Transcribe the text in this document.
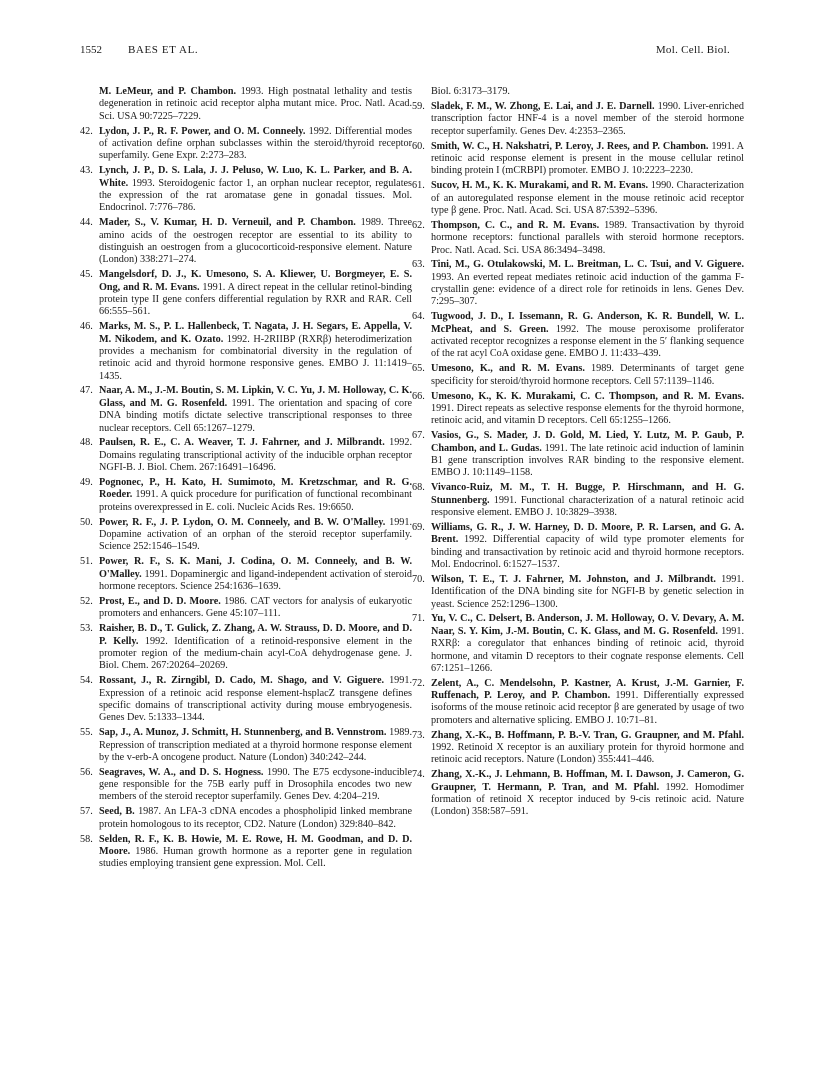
1552 BAES ET AL.	Mol. Cell. Biol.
M. LeMeur, and P. Chambon. 1993. High postnatal lethality and testis degeneration in retinoic acid receptor alpha mutant mice. Proc. Natl. Acad. Sci. USA 90:7225–7229.
42. Lydon, J. P., R. F. Power, and O. M. Conneely. 1992. Differential modes of activation define orphan subclasses within the steroid/thyroid receptor superfamily. Gene Expr. 2:273–283.
43. Lynch, J. P., D. S. Lala, J. J. Peluso, W. Luo, K. L. Parker, and B. A. White. 1993. Steroidogenic factor 1, an orphan nuclear receptor, regulates the expression of the rat aromatase gene in gonadal tissues. Mol. Endocrinol. 7:776–786.
44. Mader, S., V. Kumar, H. D. Verneuil, and P. Chambon. 1989. Three amino acids of the oestrogen receptor are essential to its ability to distinguish an oestrogen from a glucocorticoid-responsive element. Nature (London) 338:271–274.
45. Mangelsdorf, D. J., K. Umesono, S. A. Kliewer, U. Borgmeyer, E. S. Ong, and R. M. Evans. 1991. A direct repeat in the cellular retinol-binding protein type II gene confers differential regulation by RXR and RAR. Cell 66:555–561.
46. Marks, M. S., P. L. Hallenbeck, T. Nagata, J. H. Segars, E. Appella, V. M. Nikodem, and K. Ozato. 1992. H-2RIIBP (RXRβ) heterodimerization provides a mechanism for combinatorial diversity in the regulation of retinoic acid and thyroid hormone responsive genes. EMBO J. 11:1419–1435.
47. Naar, A. M., J.-M. Boutin, S. M. Lipkin, V. C. Yu, J. M. Holloway, C. K. Glass, and M. G. Rosenfeld. 1991. The orientation and spacing of core DNA binding motifs dictate selective transcriptional responses to three nuclear receptors. Cell 65:1267–1279.
48. Paulsen, R. E., C. A. Weaver, T. J. Fahrner, and J. Milbrandt. 1992. Domains regulating transcriptional activity of the inducible orphan receptor NGFI-B. J. Biol. Chem. 267:16491–16496.
49. Pognonec, P., H. Kato, H. Sumimoto, M. Kretzschmar, and R. G. Roeder. 1991. A quick procedure for purification of functional recombinant proteins overexpressed in E. coli. Nucleic Acids Res. 19:6650.
50. Power, R. F., J. P. Lydon, O. M. Conneely, and B. W. O'Malley. 1991. Dopamine activation of an orphan of the steroid receptor superfamily. Science 252:1546–1549.
51. Power, R. F., S. K. Mani, J. Codina, O. M. Conneely, and B. W. O'Malley. 1991. Dopaminergic and ligand-independent activation of steroid hormone receptors. Science 254:1636–1639.
52. Prost, E., and D. D. Moore. 1986. CAT vectors for analysis of eukaryotic promoters and enhancers. Gene 45:107–111.
53. Raisher, B. D., T. Gulick, Z. Zhang, A. W. Strauss, D. D. Moore, and D. P. Kelly. 1992. Identification of a retinoid-responsive element in the promoter region of the medium-chain acyl-CoA dehydrogenase gene. J. Biol. Chem. 267:20264–20269.
54. Rossant, J., R. Zirngibl, D. Cado, M. Shago, and V. Giguere. 1991. Expression of a retinoic acid response element-hsplacZ transgene defines specific domains of transcriptional activity during mouse embryogenesis. Genes Dev. 5:1333–1344.
55. Sap, J., A. Munoz, J. Schmitt, H. Stunnenberg, and B. Vennstrom. 1989. Repression of transcription mediated at a thyroid hormone response element by the v-erb-A oncogene product. Nature (London) 340:242–244.
56. Seagraves, W. A., and D. S. Hogness. 1990. The E75 ecdysone-inducible gene responsible for the 75B early puff in Drosophila encodes two new members of the steroid receptor superfamily. Genes Dev. 4:204–219.
57. Seed, B. 1987. An LFA-3 cDNA encodes a phospholipid linked membrane protein homologous to its receptor, CD2. Nature (London) 329:840–842.
58. Selden, R. F., K. B. Howie, M. E. Rowe, H. M. Goodman, and D. D. Moore. 1986. Human growth hormone as a reporter gene in regulation studies employing transient gene expression. Mol. Cell.
Biol. 6:3173–3179.
59. Sladek, F. M., W. Zhong, E. Lai, and J. E. Darnell. 1990. Liver-enriched transcription factor HNF-4 is a novel member of the steroid hormone receptor superfamily. Genes Dev. 4:2353–2365.
60. Smith, W. C., H. Nakshatri, P. Leroy, J. Rees, and P. Chambon. 1991. A retinoic acid response element is present in the mouse cellular retinol binding protein I (mCRBPI) promoter. EMBO J. 10:2223–2230.
61. Sucov, H. M., K. K. Murakami, and R. M. Evans. 1990. Characterization of an autoregulated response element in the mouse retinoic acid receptor type β gene. Proc. Natl. Acad. Sci. USA 87:5392–5396.
62. Thompson, C. C., and R. M. Evans. 1989. Transactivation by thyroid hormone receptors: functional parallels with steroid hormone receptors. Proc. Natl. Acad. Sci. USA 86:3494–3498.
63. Tini, M., G. Otulakowski, M. L. Breitman, L. C. Tsui, and V. Giguere. 1993. An everted repeat mediates retinoic acid induction of the gamma F-crystallin gene: evidence of a direct role for retinoids in lens. Genes Dev. 7:295–307.
64. Tugwood, J. D., I. Issemann, R. G. Anderson, K. R. Bundell, W. L. McPheat, and S. Green. 1992. The mouse peroxisome proliferator activated receptor recognizes a response element in the 5′ flanking sequence of the rat acyl CoA oxidase gene. EMBO J. 11:433–439.
65. Umesono, K., and R. M. Evans. 1989. Determinants of target gene specificity for steroid/thyroid hormone receptors. Cell 57:1139–1146.
66. Umesono, K., K. K. Murakami, C. C. Thompson, and R. M. Evans. 1991. Direct repeats as selective response elements for the thyroid hormone, retinoic acid, and vitamin D receptors. Cell 65:1255–1266.
67. Vasios, G., S. Mader, J. D. Gold, M. Lied, Y. Lutz, M. P. Gaub, P. Chambon, and L. Gudas. 1991. The late retinoic acid induction of laminin B1 gene transcription involves RAR binding to the responsive element. EMBO J. 10:1149–1158.
68. Vivanco-Ruiz, M. M., T. H. Bugge, P. Hirschmann, and H. G. Stunnenberg. 1991. Functional characterization of a natural retinoic acid responsive element. EMBO J. 10:3829–3938.
69. Williams, G. R., J. W. Harney, D. D. Moore, P. R. Larsen, and G. A. Brent. 1992. Differential capacity of wild type promoter elements for binding and transactivation by retinoic acid and thyroid hormone receptors. Mol. Endocrinol. 6:1527–1537.
70. Wilson, T. E., T. J. Fahrner, M. Johnston, and J. Milbrandt. 1991. Identification of the DNA binding site for NGFI-B by genetic selection in yeast. Science 252:1296–1300.
71. Yu, V. C., C. Delsert, B. Anderson, J. M. Holloway, O. V. Devary, A. M. Naar, S. Y. Kim, J.-M. Boutin, C. K. Glass, and M. G. Rosenfeld. 1991. RXRβ: a coregulator that enhances binding of retinoic acid, thyroid hormone, and vitamin D receptors to their cognate response elements. Cell 67:1251–1266.
72. Zelent, A., C. Mendelsohn, P. Kastner, A. Krust, J.-M. Garnier, F. Ruffenach, P. Leroy, and P. Chambon. 1991. Differentially expressed isoforms of the mouse retinoic acid receptor β are generated by usage of two promoters and alternative splicing. EMBO J. 10:71–81.
73. Zhang, X.-K., B. Hoffmann, P. B.-V. Tran, G. Graupner, and M. Pfahl. 1992. Retinoid X receptor is an auxiliary protein for thyroid hormone and retinoic acid receptors. Nature (London) 355:441–446.
74. Zhang, X.-K., J. Lehmann, B. Hoffman, M. I. Dawson, J. Cameron, G. Graupner, T. Hermann, P. Tran, and M. Pfahl. 1992. Homodimer formation of retinoid X receptor induced by 9-cis retinoic acid. Nature (London) 358:587–591.
